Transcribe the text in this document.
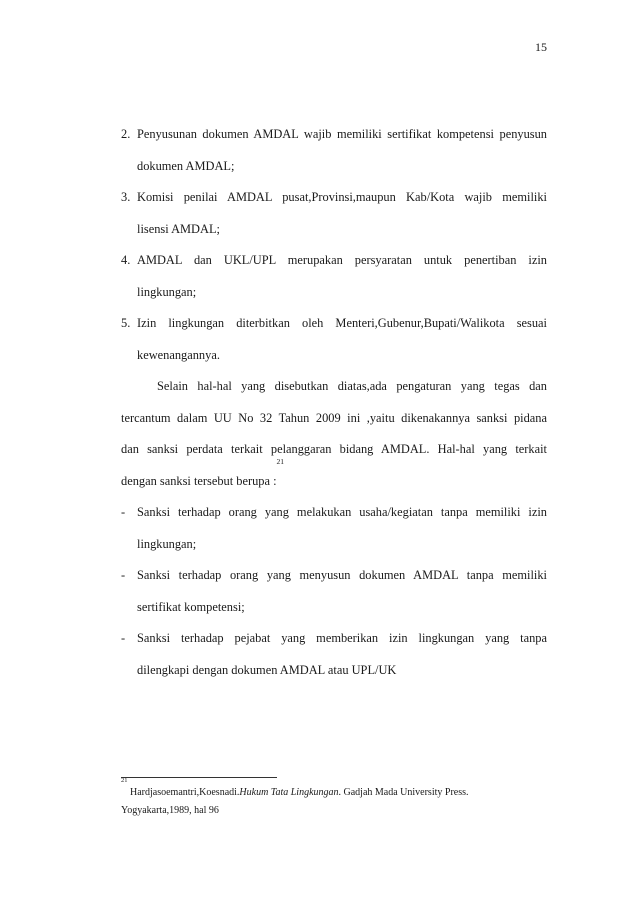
15
2. Penyusunan dokumen AMDAL wajib memiliki sertifikat kompetensi penyusun
dokumen AMDAL;
3. Komisi penilai AMDAL pusat,Provinsi,maupun Kab/Kota wajib memiliki
lisensi AMDAL;
4. AMDAL dan UKL/UPL merupakan persyaratan untuk penertiban izin
lingkungan;
5. Izin lingkungan diterbitkan oleh Menteri,Gubenur,Bupati/Walikota sesuai
kewenangannya.
Selain hal-hal yang disebutkan diatas,ada pengaturan yang tegas dan
tercantum dalam UU No 32 Tahun 2009 ini ,yaitu dikenakannya sanksi pidana
dan sanksi perdata terkait pelanggaran bidang AMDAL. Hal-hal yang terkait
dengan sanksi tersebut berupa :$^{21}$
- Sanksi terhadap orang yang melakukan usaha/kegiatan tanpa memiliki izin
lingkungan;
- Sanksi terhadap orang yang menyusun dokumen AMDAL tanpa memiliki
sertifikat kompetensi;
- Sanksi terhadap pejabat yang memberikan izin lingkungan yang tanpa
dilengkapi dengan dokumen AMDAL atau UPL/UK
$^{21}$ Hardjasoemantri,Koesnadi.Hukum Tata Lingkungan. Gadjah Mada University Press.
Yogyakarta,1989, hal 96
